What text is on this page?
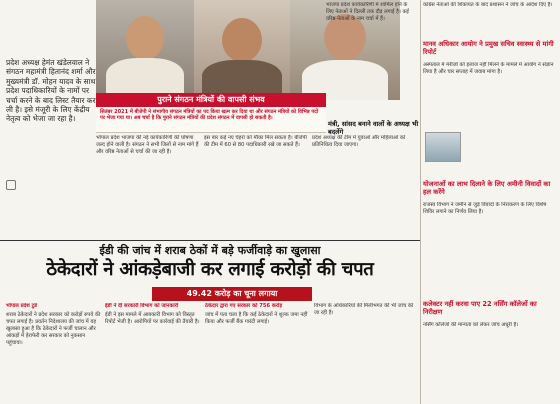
प्रदेश अध्यक्ष हेमंत खंडेलवाल ने संगठन महामंत्री हितानंद शर्मा और मुख्यमंत्री डॉ. मोहन यादव के साथ प्रदेश पदाधिकारियों के नामों पर चर्चा करने के बाद लिस्ट तैयार कर ली है। इसे मंजूरी के लिए केंद्रीय नेतृत्व को भेजा जा रहा है।

पुराने संगठन मंत्रियों की वापसी संभव
सितंबर 2021 में बीजेपी ने संभागीय संगठन मंत्रियों का पद किया खत्म कर दिया था और संगठन मंत्रियों को विभिन्न पदों पर भेजा गया था। अब चर्चा है कि पुराने संगठन मंत्रियों की प्रदेश संगठन में वापसी हो सकती है।
भाजपा प्रदेश कार्यकारिणी में शामिल होने के लिए नेताओं ने दिल्ली तक दौड़ लगाई है। कई वरिष्ठ नेताओं के नाम चर्चा में हैं।
मंत्री, सांसद बनाने वालों के अध्यक्ष भी बदलेंगे
भोपाल प्रदेश भाजपा की नई कार्यकारिणी की घोषणा जल्द होने वाली है। संगठन ने सभी जिलों से नाम मांगे हैं और वरिष्ठ नेताओं से चर्चा की जा रही है।
इस बार कई नए चेहरों को मौका मिल सकता है। बीजेपी की टीम में 60 से 80 पदाधिकारी रखे जा सकते हैं।
प्रदेश अध्यक्ष की टीम में युवाओं और महिलाओं को प्रतिनिधित्व दिया जाएगा।
कांग्रेस नेताओं की शिकायत के बाद प्रशासन ने जांच के आदेश दिए हैं।
मानव अधिकार आयोग ने प्रमुख सचिव स्वास्थ्य से मांगी रिपोर्ट
अस्पताल में मरीजों को इलाज नहीं मिलने के मामले में आयोग ने संज्ञान लिया है और चार सप्ताह में जवाब मांगा है।
योजनाओं का लाभ दिलाने के लिए अमीनी विवादों का हल करेंगे
राजस्व विभाग ने जमीन से जुड़े विवादों के निराकरण के लिए विशेष शिविर लगाने का निर्णय लिया है।
कलेक्टर नहीं करवा पाए 22 नर्सिंग कॉलेजों का निरीक्षण
नर्सिंग कॉलेजों की मान्यता को लेकर जांच अधूरी है।
ईडी की जांच में शराब ठेकों में बड़े फर्जीवाड़े का खुलासा
ठेकेदारों ने आंकड़ेबाजी कर लगाई करोड़ों की चपत
49.42 करोड़ का चूना लगाया

भोपाल प्रदेश टुडे

शराब ठेकेदारों ने प्रदेश सरकार को करोड़ों रुपये की चपत लगाई है। प्रवर्तन निदेशालय की जांच में यह खुलासा हुआ है कि ठेकेदारों ने फर्जी चालान और आंकड़ों में हेराफेरी कर सरकार को नुकसान पहुंचाया।

ईडी ने दी सरकारी विभाग को जानकारी

ईडी ने इस मामले में आबकारी विभाग को विस्तृत रिपोर्ट भेजी है। आरोपियों पर कार्रवाई की तैयारी है।

ठेकेदार द्वारा गए सरकार को 756 करोड़

जांच में पता चला है कि कई ठेकेदारों ने शुल्क जमा नहीं किया और फर्जी बैंक गारंटी लगाई।

विभाग के अधिकारियों की मिलीभगत की भी जांच की जा रही है।
